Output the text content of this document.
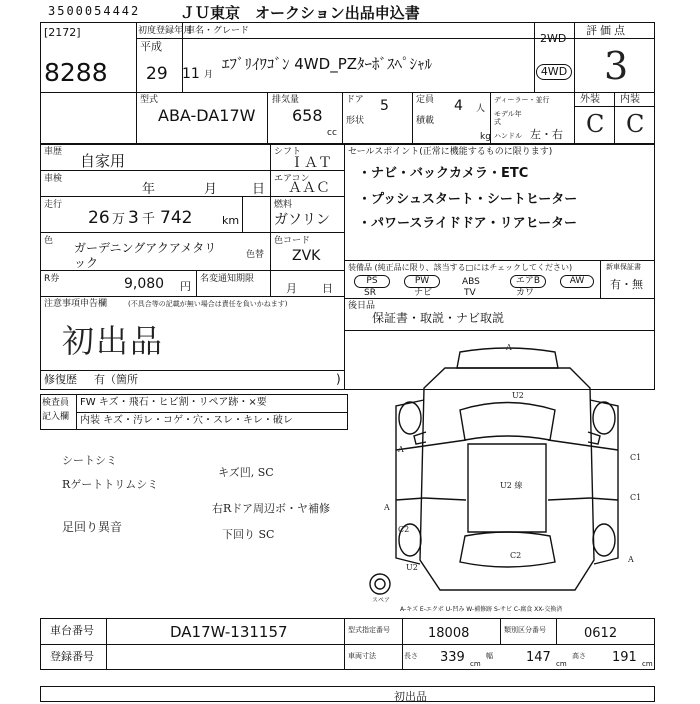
3500054442	ＪＵ東京　オークション出品申込書
[2172]
8288
初度登録年月
平成
29 11 月
車名・グレード
ｴﾌﾞﾘｲﾜｺﾞﾝ 4WD_PZﾀｰﾎﾞｽﾍﾟｼｬﾙ
2WD
4WD
評価点
3
外装 内装
C C
型式
ABA-DA17W
排気量
658
cc
ドア 5
形状
定員 4 人
積載
kg
ディーラー・並行
モデル年式
ハンドル 左・右
車歴 自家用	シフト
ＩＡＴ
車検
年	月	日
エアコン
ＡＡＣ
走行
26 万 3 千 742	km
燃料
ガソリン
色 ガーデニングアクアメタリ
ック
色替
色コード
ZVK
R券	9,080 円
名変通知期限
月 日
注意事項申告欄	(不具合等の記載が無い場合は責任を負いかねます)
初出品
修復歴 有（箇所	)
セールスポイント(正常に機能するものに限ります)
・ナビ・バックカメラ・ETC
・プッシュスタート・シートヒーター
・パワースライドドア・リアヒーター
装備品 (純正品に限り、該当する□にはチェックしてください)
PS	PW	ABS	エアB	AW
SR	ナビ	TV	カワ
新車保証書
有・無
後日品
保証書・取説・ナビ取説
検査員
記入欄
FW キズ・飛石・ヒビ割・リペア跡・×要
内装 キズ・汚レ・コゲ・穴・スレ・キレ・破レ
シートシミ
Rゲートトリムシミ
キズ凹, SC
右Rドア周辺ボ・ヤ補修
下回り SC
足回り異音
A
U2
A
C1
U2 線
C1
A
C2
U2
C2	A
スペア
A-キズ E-エクボ U-凹み W-補修跡 S-サビ C-腐食 XX-交換済
車台番号	DA17W-131157
登録番号
型式指定番号	18008	類別区分番号	0612
車両寸法	長さ 339 cm
幅	147 cm
高さ 191 cm
初出品
